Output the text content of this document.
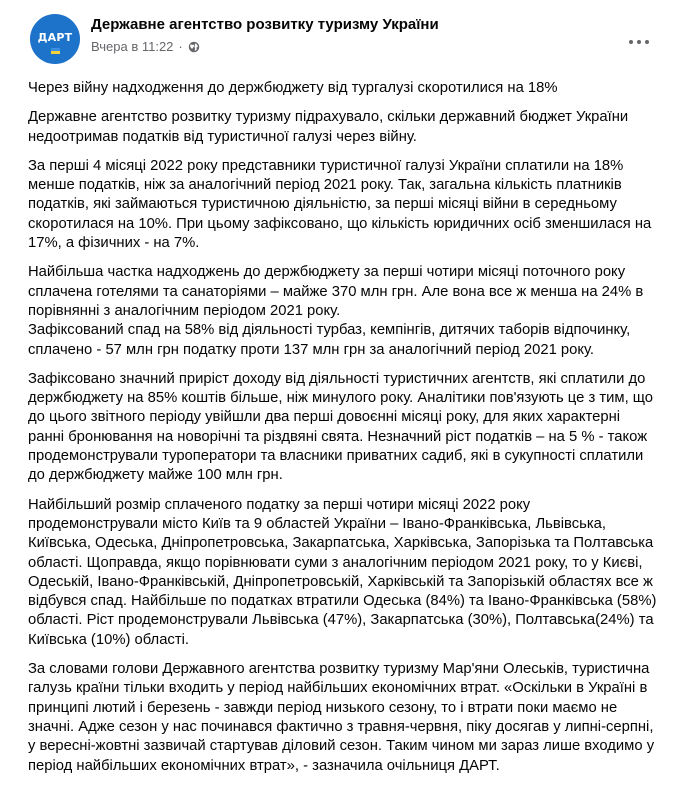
ДАРТ
Державне агентство розвитку туризму України
Вчера в 11:22 ·

Через війну надходження до держбюджету від тургалузі скоротилися на 18%

Державне агентство розвитку туризму підрахувало, скільки державний бюджет України недоотримав податків від туристичної галузі через війну.

За перші 4 місяці 2022 року представники туристичної галузі України сплатили на 18% менше податків, ніж за аналогічний період 2021 року. Так, загальна кількість платників податків, які займаються туристичною діяльністю, за перші місяці війни в середньому скоротилася на 10%. При цьому зафіксовано, що кількість юридичних осіб зменшилася на 17%, а фізичних - на 7%.

Найбільша частка надходжень до держбюджету за перші чотири місяці поточного року сплачена готелями та санаторіями – майже 370 млн грн. Але вона все ж менша на 24% в порівнянні з аналогічним періодом 2021 року.

Зафіксований спад на 58% від діяльності турбаз, кемпінгів, дитячих таборів відпочинку, сплачено - 57 млн грн податку проти 137 млн грн за аналогічний період 2021 року.

Зафіксовано значний приріст доходу від діяльності туристичних агентств, які сплатили до держбюджету на 85% коштів більше, ніж минулого року. Аналітики пов'язують це з тим, що до цього звітного періоду увійшли два перші довоєнні місяці року, для яких характерні ранні бронювання на новорічні та різдвяні свята. Незначний ріст податків – на 5 % - також продемонстрували туроператори та власники приватних садиб, які в сукупності сплатили до держбюджету майже 100 млн грн.

Найбільший розмір сплаченого податку за перші чотири місяці 2022 року продемонстрували місто Київ та 9 областей України – Івано-Франківська, Львівська, Київська, Одеська, Дніпропетровська, Закарпатська, Харківська, Запорізька та Полтавська області. Щоправда, якщо порівнювати суми з аналогічним періодом 2021 року, то у Києві, Одеській, Івано-Франківській, Дніпропетровській, Харківській та Запорізькій областях все ж відбувся спад. Найбільше по податках втратили Одеська (84%) та Івано-Франківська (58%) області. Ріст продемонстрували Львівська (47%), Закарпатська (30%), Полтавська(24%) та Київська (10%) області.

За словами голови Державного агентства розвитку туризму Мар'яни Олеськів, туристична галузь країни тільки входить у період найбільших економічних втрат. «Оскільки в Україні в принципі лютий і березень - завжди період низького сезону, то і втрати поки маємо не значні. Адже сезон у нас починався фактично з травня-червня, піку досягав у липні-серпні, у вересні-жовтні зазвичай стартував діловий сезон. Таким чином ми зараз лише входимо у період найбільших економічних втрат», - зазначила очільниця ДАРТ.
